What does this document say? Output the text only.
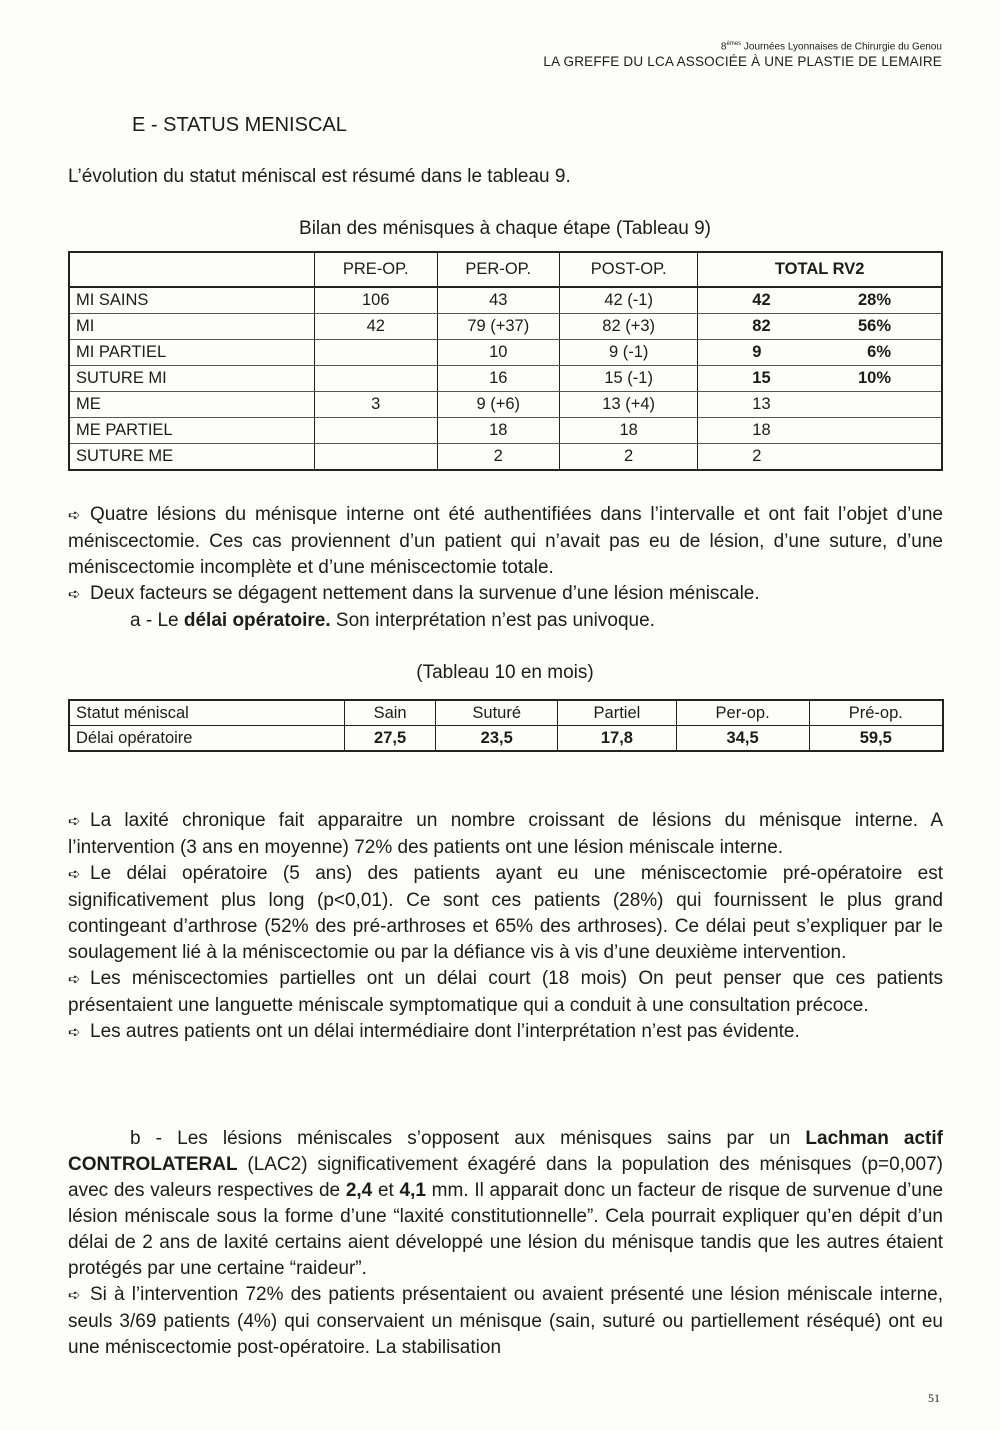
8èmes Journées Lyonnaises de Chirurgie du Genou
LA GREFFE DU LCA ASSOCIÉE À UNE PLASTIE DE LEMAIRE
E - STATUS MENISCAL
L’évolution du statut méniscal est résumé dans le tableau 9.
Bilan des ménisques à chaque étape (Tableau 9)
	PRE-OP.	PER-OP.	POST-OP.	TOTAL RV2
MI SAINS	106	43	42 (-1)	42 28%

MI	42	79 (+37)	82 (+3)	82 56%

MI PARTIEL		10	9 (-1)	9 6%

SUTURE MI		16	15 (-1)	15 10%

ME	3	9 (+6)	13 (+4)	13

ME PARTIEL		18	18	18

SUTURE ME		2	2	2

➪ Quatre lésions du ménisque interne ont été authentifiées dans l’intervalle et ont fait l’objet d’une méniscectomie. Ces cas proviennent d’un patient qui n’avait pas eu de lésion, d’une suture, d’une méniscectomie incomplète et d’une méniscectomie totale.

➪ Deux facteurs se dégagent nettement dans la survenue d’une lésion méniscale.

a - Le délai opératoire. Son interprétation n’est pas univoque.

(Tableau 10 en mois)
Statut méniscal	Sain	Suturé	Partiel	Per-op.	Pré-op.
Délai opératoire	27,5	23,5	17,8	34,5	59,5

➪ La laxité chronique fait apparaitre un nombre croissant de lésions du ménisque interne. A l’intervention (3 ans en moyenne) 72% des patients ont une lésion méniscale interne.

➪ Le délai opératoire (5 ans) des patients ayant eu une méniscectomie pré-opératoire est significativement plus long (p<0,01). Ce sont ces patients (28%) qui fournissent le plus grand contingeant d’arthrose (52% des pré-arthroses et 65% des arthroses). Ce délai peut s’expliquer par le soulagement lié à la méniscectomie ou par la défiance vis à vis d’une deuxième intervention.

➪ Les méniscectomies partielles ont un délai court (18 mois) On peut penser que ces patients présentaient une languette méniscale symptomatique qui a conduit à une consultation précoce.

➪ Les autres patients ont un délai intermédiaire dont l’interprétation n’est pas évidente.

b - Les lésions méniscales s’opposent aux ménisques sains par un Lachman actif CONTROLATERAL (LAC2) significativement éxagéré dans la population des ménisques (p=0,007) avec des valeurs respectives de 2,4 et 4,1 mm. Il apparait donc un facteur de risque de survenue d’une lésion méniscale sous la forme d’une “laxité constitutionnelle”. Cela pourrait expliquer qu’en dépit d’un délai de 2 ans de laxité certains aient développé une lésion du ménisque tandis que les autres étaient protégés par une certaine “raideur”.

➪ Si à l’intervention 72% des patients présentaient ou avaient présenté une lésion méniscale interne, seuls 3/69 patients (4%) qui conservaient un ménisque (sain, suturé ou partiellement réséqué) ont eu une méniscectomie post-opératoire. La stabilisation

51
